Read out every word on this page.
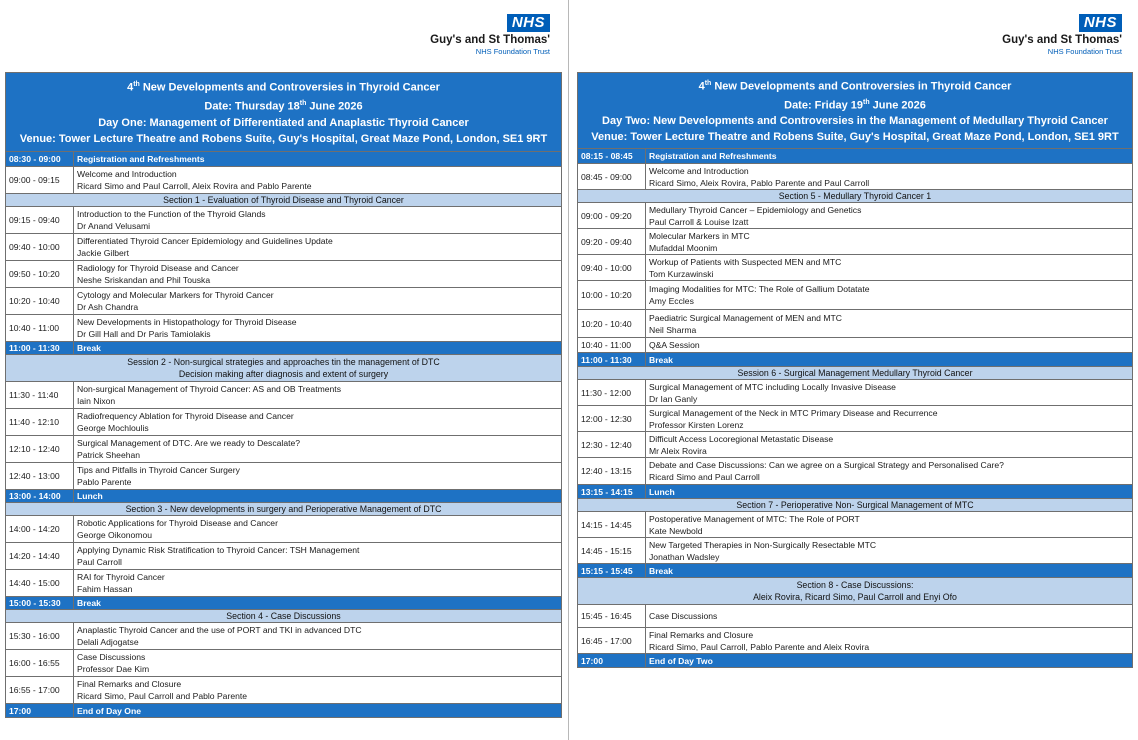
NHS
Guy's and St Thomas'
NHS Foundation Trust
NHS
Guy's and St Thomas'
NHS Foundation Trust
4th New Developments and Controversies in Thyroid Cancer
Date: Thursday 18th June 2026
Day One: Management of Differentiated and Anaplastic Thyroid Cancer
Venue: Tower Lecture Theatre and Robens Suite, Guy's Hospital, Great Maze Pond, London, SE1 9RT	

08:30 - 09:00	Registration and Refreshments
09:00 - 09:15	Welcome and Introduction
Ricard Simo and Paul Carroll, Aleix Rovira and Pablo Parente

Section 1 - Evaluation of Thyroid Disease and Thyroid Cancer	

09:15 - 09:40	Introduction to the Function of the Thyroid Glands
Dr Anand Velusami

09:40 - 10:00	Differentiated Thyroid Cancer Epidemiology and Guidelines Update
Jackie Gilbert

09:50 - 10:20	Radiology for Thyroid Disease and Cancer
Neshe Sriskandan and Phil Touska

10:20 - 10:40	Cytology and Molecular Markers for Thyroid Cancer
Dr Ash Chandra

10:40 - 11:00	New Developments in Histopathology for Thyroid Disease
Dr Gill Hall and Dr Paris Tamiolakis

11:00 - 11:30	Break

Session 2 - Non-surgical strategies and approaches tin the management of DTC
Decision making after diagnosis and extent of surgery	

11:30 - 11:40	Non-surgical Management of Thyroid Cancer: AS and OB Treatments
Iain Nixon

11:40 - 12:10	Radiofrequency Ablation for Thyroid Disease and Cancer
George Mochloulis

12:10 - 12:40	Surgical Management of DTC. Are we ready to Descalate?
Patrick Sheehan

12:40 - 13:00	Tips and Pitfalls in Thyroid Cancer Surgery
Pablo Parente

13:00 - 14:00	Lunch

Section 3 - New developments in surgery and Perioperative Management of DTC	

14:00 - 14:20	Robotic Applications for Thyroid Disease and Cancer
George Oikonomou

14:20 - 14:40	Applying Dynamic Risk Stratification to Thyroid Cancer: TSH Management
Paul Carroll

14:40 - 15:00	RAI for Thyroid Cancer
Fahim Hassan

15:00 - 15:30	Break

Section 4 - Case Discussions	

15:30 - 16:00	Anaplastic Thyroid Cancer and the use of PORT and TKI in advanced DTC
Delali Adjogatse

16:00 - 16:55	Case Discussions
Professor Dae Kim

16:55 - 17:00	Final Remarks and Closure
Ricard Simo, Paul Carroll and Pablo Parente

17:00	End of Day One
4th New Developments and Controversies in Thyroid Cancer
Date: Friday 19th June 2026
Day Two: New Developments and Controversies in the Management of Medullary Thyroid Cancer
Venue: Tower Lecture Theatre and Robens Suite, Guy's Hospital, Great Maze Pond, London, SE1 9RT	

08:15 - 08:45	Registration and Refreshments
08:45 - 09:00	Welcome and Introduction
Ricard Simo, Aleix Rovira, Pablo Parente and Paul Carroll

Section 5 - Medullary Thyroid Cancer 1	

09:00 - 09:20	Medullary Thyroid Cancer – Epidemiology and Genetics
Paul Carroll & Louise Izatt

09:20 - 09:40	Molecular Markers in MTC
Mufaddal Moonim

09:40 - 10:00	Workup of Patients with Suspected MEN and MTC
Tom Kurzawinski

10:00 - 10:20	Imaging Modalities for MTC: The Role of Gallium Dotatate
Amy Eccles

10:20 - 10:40	Paediatric Surgical Management of MEN and MTC
Neil Sharma

10:40 - 11:00	Q&A Session

11:00 - 11:30	Break

Session 6 - Surgical Management Medullary Thyroid Cancer	

11:30 - 12:00	Surgical Management of MTC including Locally Invasive Disease
Dr Ian Ganly

12:00 - 12:30	Surgical Management of the Neck in MTC Primary Disease and Recurrence
Professor Kirsten Lorenz

12:30 - 12:40	Difficult Access Locoregional Metastatic Disease
Mr Aleix Rovira

12:40 - 13:15	Debate and Case Discussions: Can we agree on a Surgical Strategy and Personalised Care?
Ricard Simo and Paul Carroll

13:15 - 14:15	Lunch

Section 7 - Perioperative Non- Surgical Management of MTC	

14:15 - 14:45	Postoperative Management of MTC: The Role of PORT
Kate Newbold

14:45 - 15:15	New Targeted Therapies in Non-Surgically Resectable MTC
Jonathan Wadsley

15:15 - 15:45	Break

Section 8 - Case Discussions:
Aleix Rovira, Ricard Simo, Paul Carroll and Enyi Ofo	

15:45 - 16:45	Case Discussions

16:45 - 17:00	Final Remarks and Closure
Ricard Simo, Paul Carroll, Pablo Parente and Aleix Rovira

17:00	End of Day Two
